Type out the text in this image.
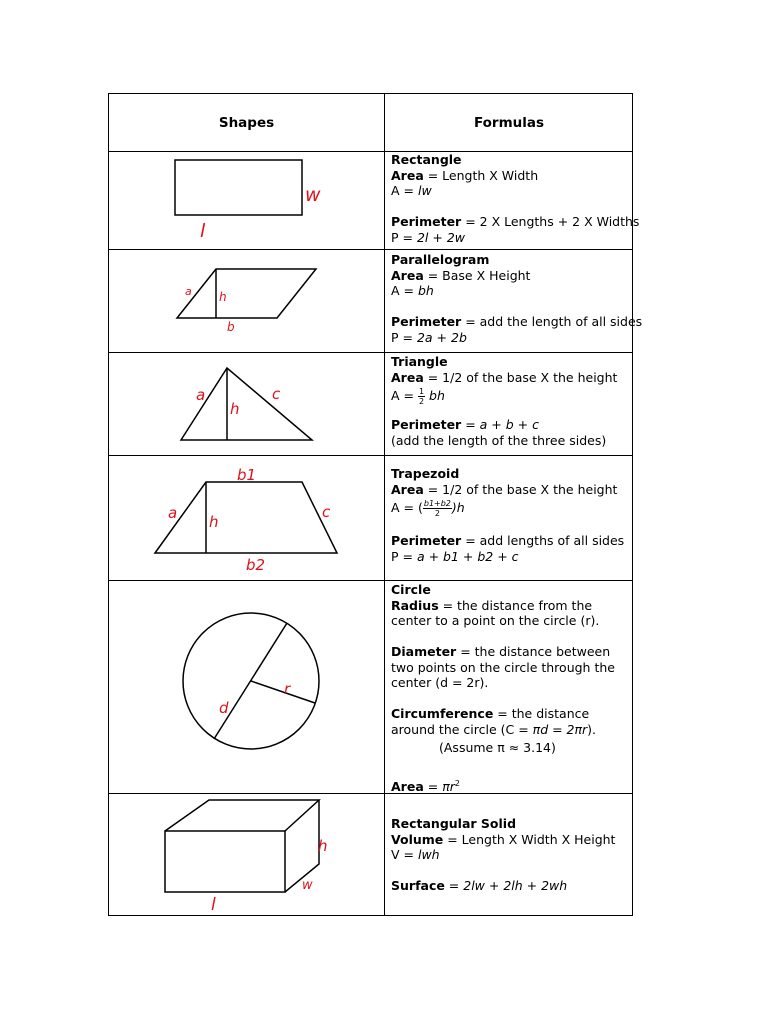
Shapes	Formulas
w
l
Rectangle
Area = Length X Width
A = lw
Perimeter = 2 X Lengths + 2 X Widths
P = 2l + 2w
a h
b
Parallelogram
Area = Base X Height
A = bh
Perimeter = add the length of all sides
P = 2a + 2b
a
h
c
Triangle
Area = 1/2 of the base X the height
$A = \frac{1}{2}$ bh
Perimeter = a + b + c
(add the length of the three sides)
b1
a h
c
b2
Trapezoid
Area = 1/2 of the base X the height
A = ( $\frac{b1+b2}{2} )h$
Perimeter = add lengths of all sides
P = a + b1 + b2 + c
r
d
Circle
Radius = the distance from the center to a point on the circle (r).
Diameter = the distance between two points on the circle through the center (d = 2r).
Circumference = the distance around the circle (C = πd = 2πr).
(Assume π ≈ 3.14)
Area = $\pi r^2$
h
w
l
Rectangular Solid
Volume = Length X Width X Height
V = lwh
Surface = 2lw + 2lh + 2wh
